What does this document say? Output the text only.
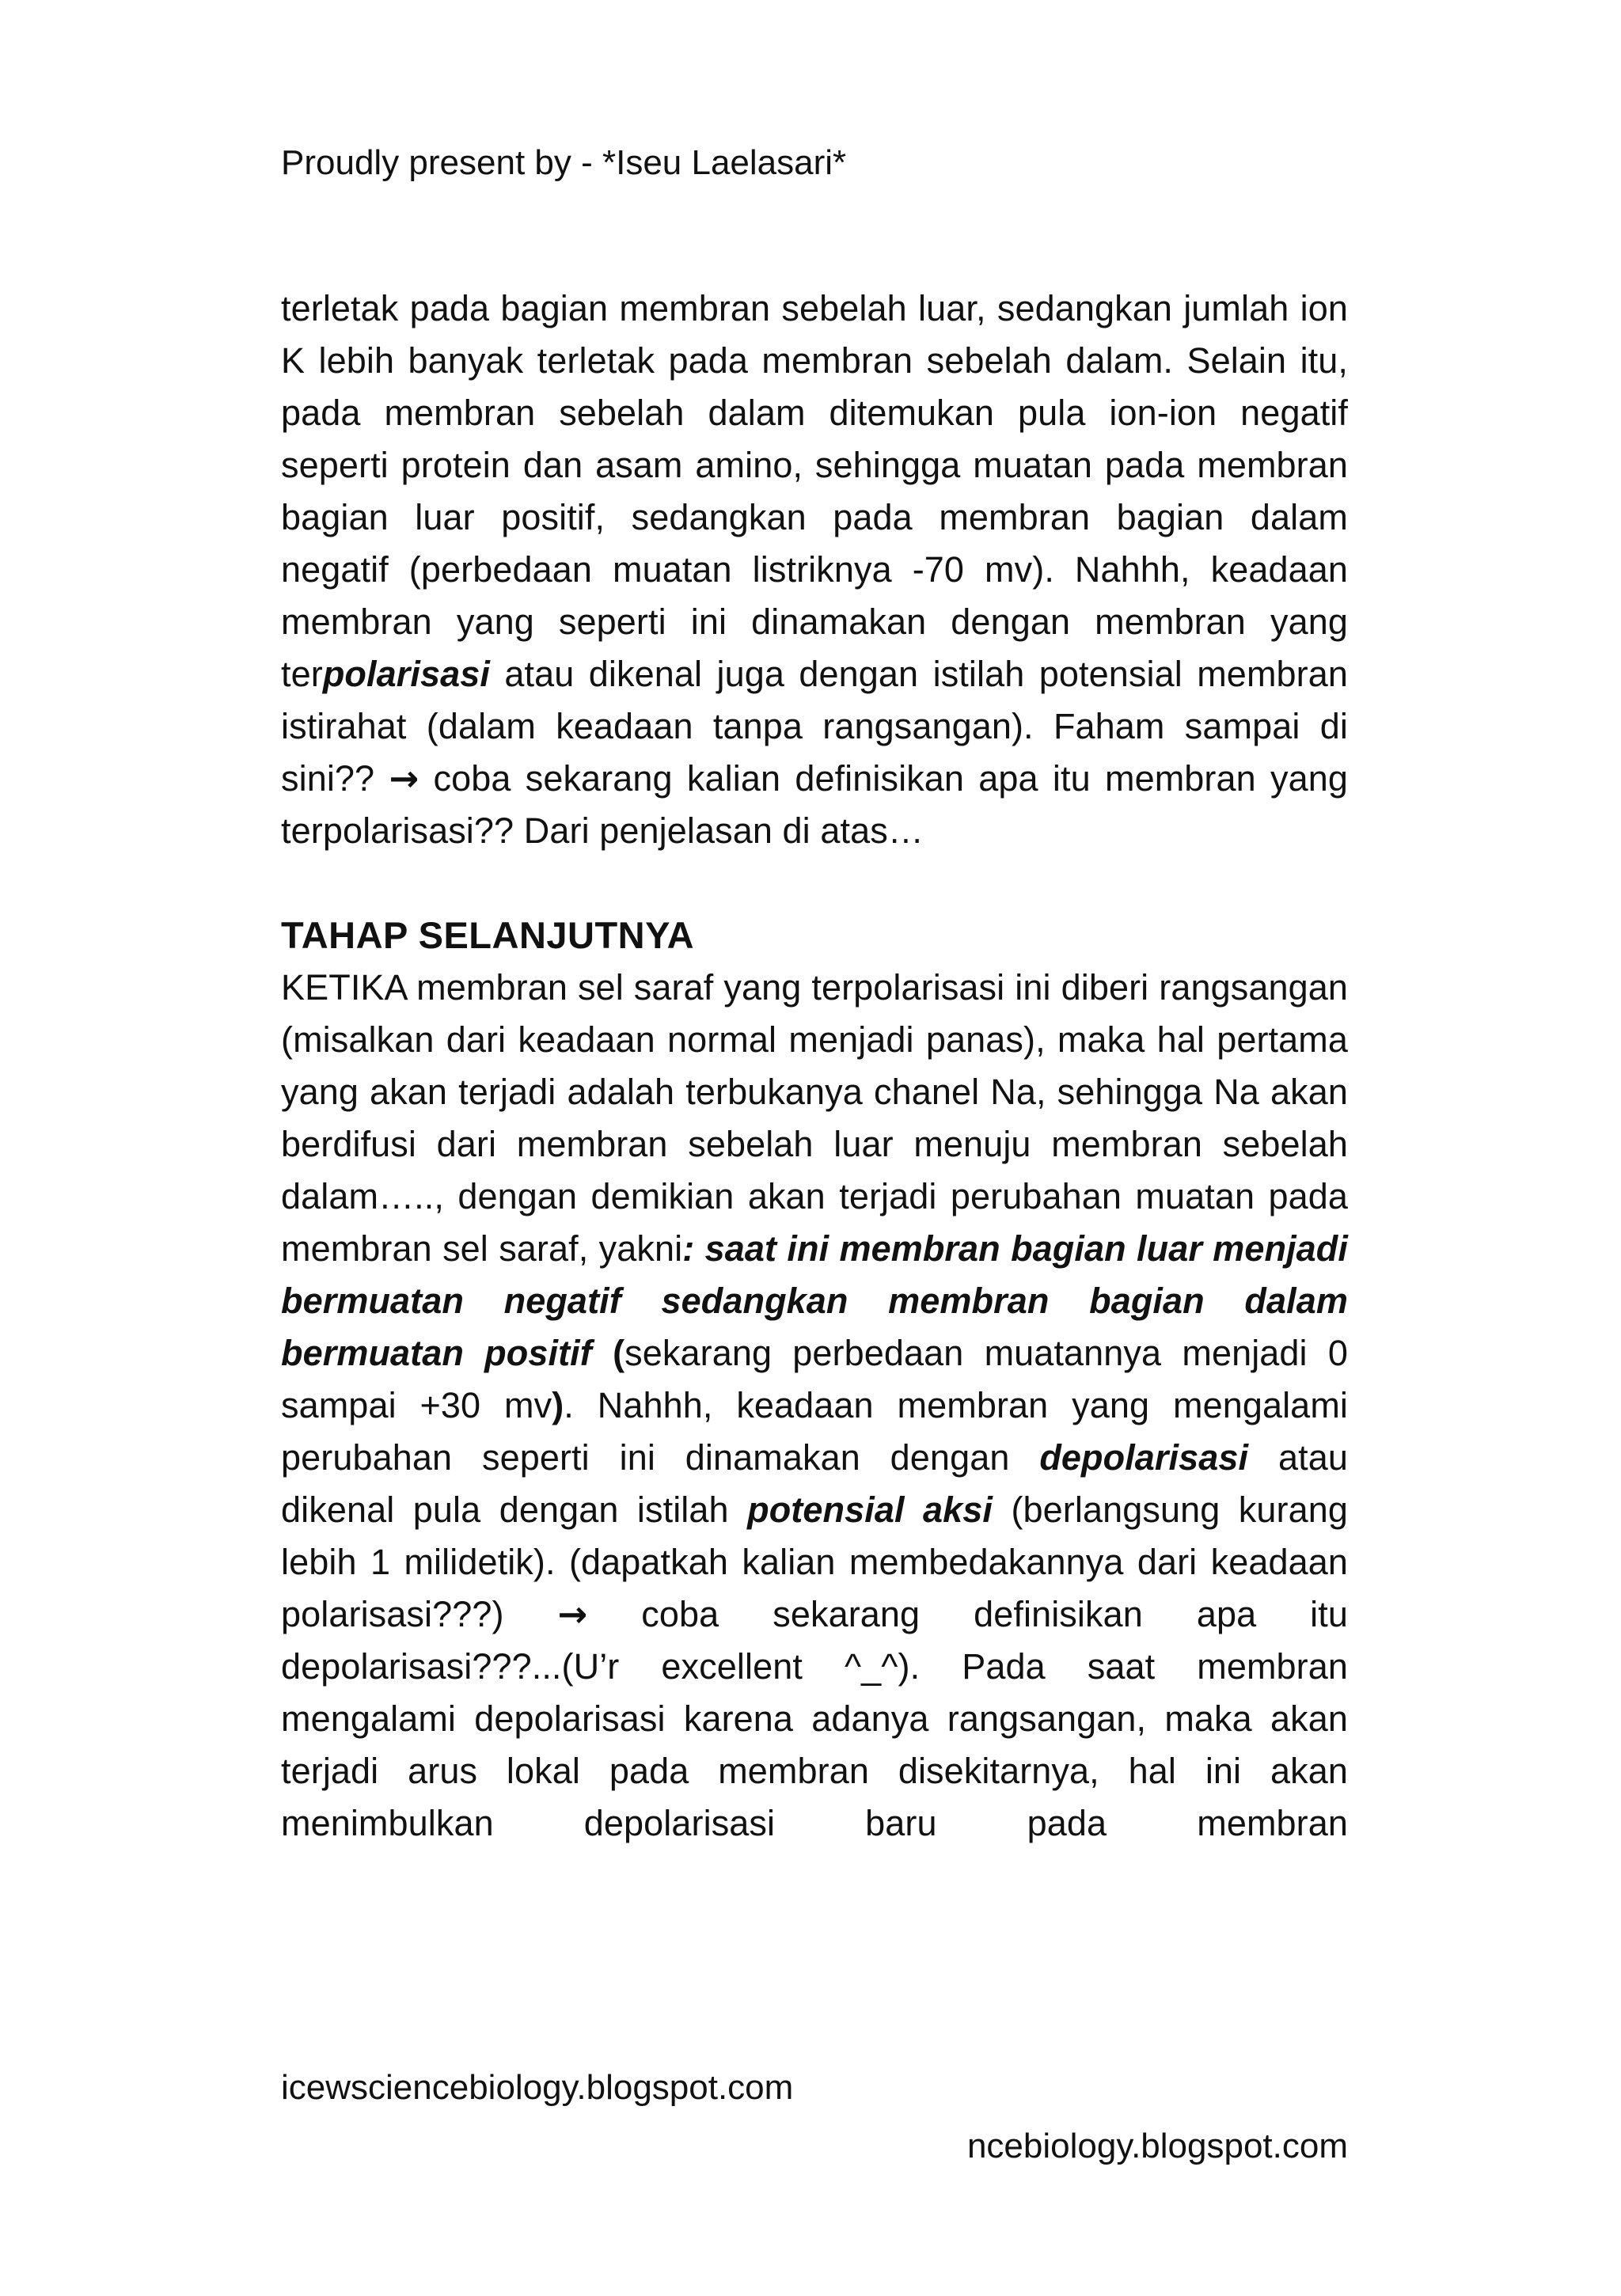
Proudly present by - *Iseu Laelasari*

terletak pada bagian membran sebelah luar, sedangkan jumlah ion K lebih banyak terletak pada membran sebelah dalam. Selain itu, pada membran sebelah dalam ditemukan pula ion-ion negatif seperti protein dan asam amino, sehingga muatan pada membran bagian luar positif, sedangkan pada membran bagian dalam negatif (perbedaan muatan listriknya -70 mv). Nahhh, keadaan membran yang seperti ini dinamakan dengan membran yang terpolarisasi atau dikenal juga dengan istilah potensial membran istirahat (dalam keadaan tanpa rangsangan). Faham sampai di sini?? → coba sekarang kalian definisikan apa itu membran yang terpolarisasi?? Dari penjelasan di atas…

TAHAP SELANJUTNYA

KETIKA membran sel saraf yang terpolarisasi ini diberi rangsangan (misalkan dari keadaan normal menjadi panas), maka hal pertama yang akan terjadi adalah terbukanya chanel Na, sehingga Na akan berdifusi dari membran sebelah luar menuju membran sebelah dalam….., dengan demikian akan terjadi perubahan muatan pada membran sel saraf, yakni: saat ini membran bagian luar menjadi bermuatan negatif sedangkan membran bagian dalam bermuatan positif (sekarang perbedaan muatannya menjadi 0 sampai +30 mv). Nahhh, keadaan membran yang mengalami perubahan seperti ini dinamakan dengan depolarisasi atau dikenal pula dengan istilah potensial aksi (berlangsung kurang lebih 1 milidetik). (dapatkah kalian membedakannya dari keadaan polarisasi???) → coba sekarang definisikan apa itu depolarisasi???...(U’r excellent ^_^). Pada saat membran mengalami depolarisasi karena adanya rangsangan, maka akan terjadi arus lokal pada membran disekitarnya, hal ini akan menimbulkan depolarisasi baru pada membran

icewsciencebiology.blogspot.com
ncebiology.blogspot.com
